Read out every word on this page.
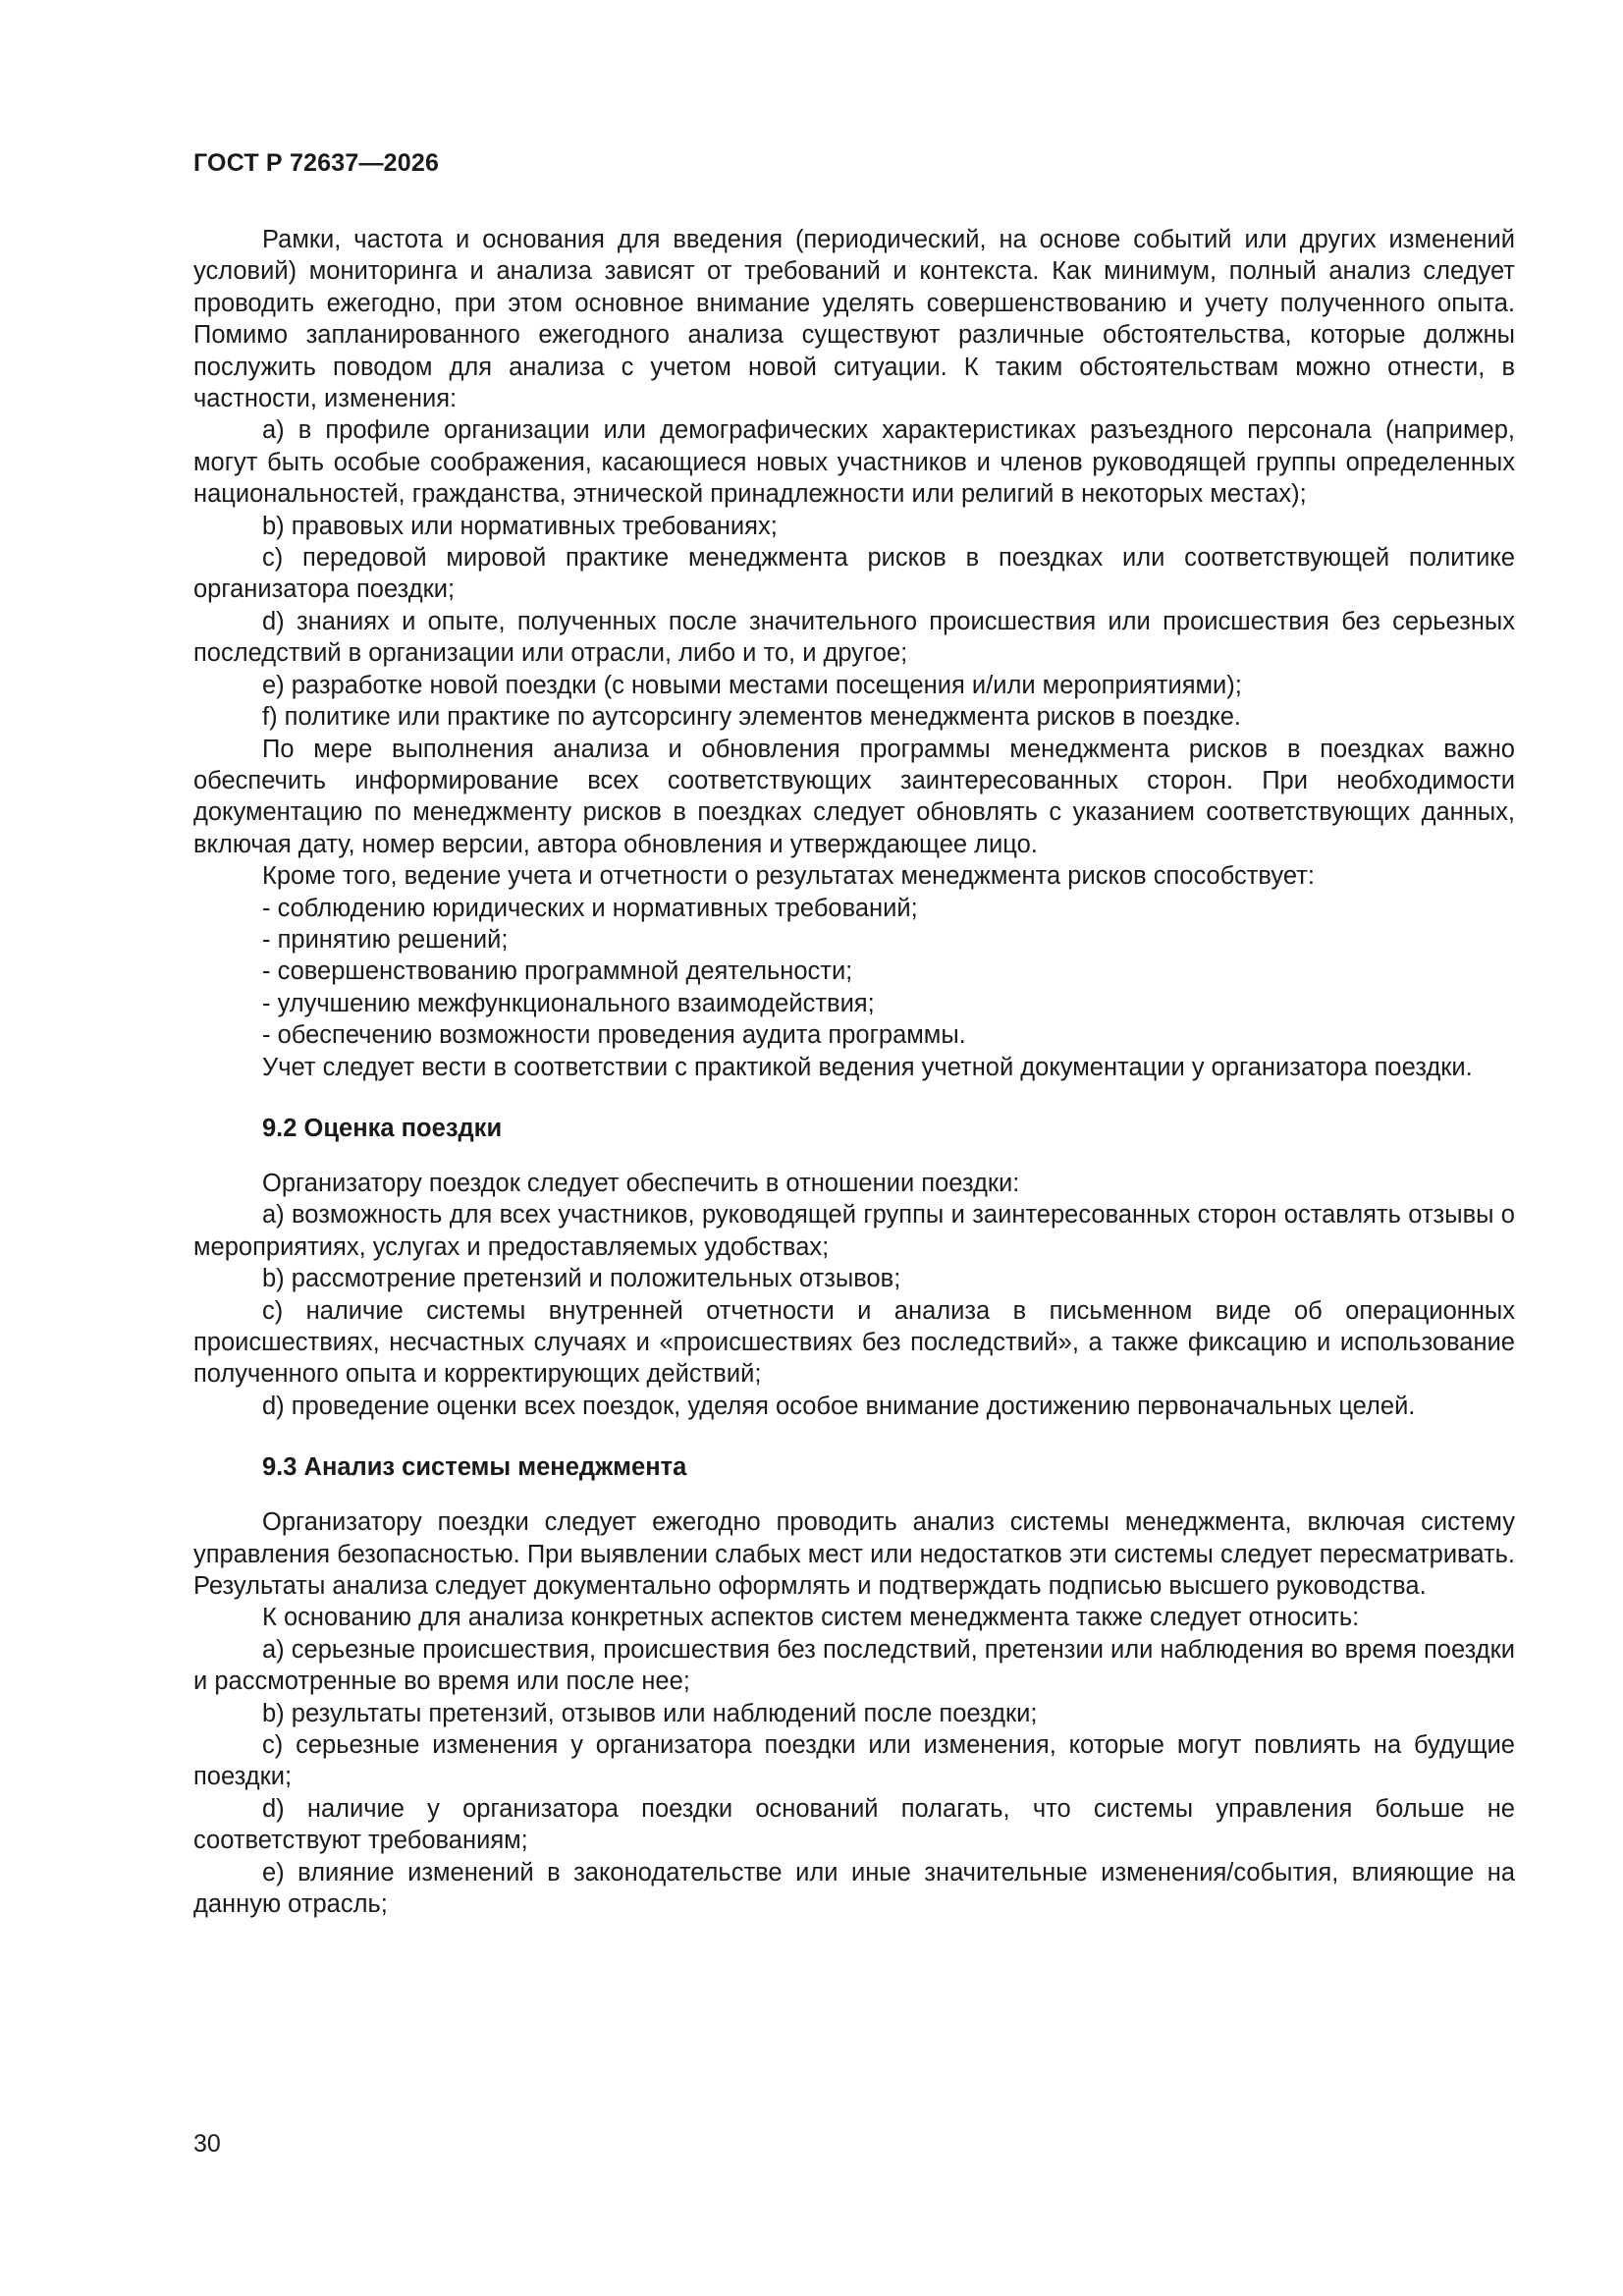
ГОСТ Р 72637—2026

Рамки, частота и основания для введения (периодический, на основе событий или других изменений условий) мониторинга и анализа зависят от требований и контекста. Как минимум, полный анализ следует проводить ежегодно, при этом основное внимание уделять совершенствованию и учету полученного опыта. Помимо запланированного ежегодного анализа существуют различные обстоятельства, которые должны послужить поводом для анализа с учетом новой ситуации. К таким обстоятельствам можно отнести, в частности, изменения:

a) в профиле организации или демографических характеристиках разъездного персонала (например, могут быть особые соображения, касающиеся новых участников и членов руководящей группы определенных национальностей, гражданства, этнической принадлежности или религий в некоторых местах);

b) правовых или нормативных требованиях;

c) передовой мировой практике менеджмента рисков в поездках или соответствующей политике организатора поездки;

d) знаниях и опыте, полученных после значительного происшествия или происшествия без серьезных последствий в организации или отрасли, либо и то, и другое;

e) разработке новой поездки (с новыми местами посещения и/или мероприятиями);

f) политике или практике по аутсорсингу элементов менеджмента рисков в поездке.

По мере выполнения анализа и обновления программы менеджмента рисков в поездках важно обеспечить информирование всех соответствующих заинтересованных сторон. При необходимости документацию по менеджменту рисков в поездках следует обновлять с указанием соответствующих данных, включая дату, номер версии, автора обновления и утверждающее лицо.

Кроме того, ведение учета и отчетности о результатах менеджмента рисков способствует:

- соблюдению юридических и нормативных требований;

- принятию решений;

- совершенствованию программной деятельности;

- улучшению межфункционального взаимодействия;

- обеспечению возможности проведения аудита программы.

Учет следует вести в соответствии с практикой ведения учетной документации у организатора поездки.

9.2 Оценка поездки

Организатору поездок следует обеспечить в отношении поездки:

a) возможность для всех участников, руководящей группы и заинтересованных сторон оставлять отзывы о мероприятиях, услугах и предоставляемых удобствах;

b) рассмотрение претензий и положительных отзывов;

c) наличие системы внутренней отчетности и анализа в письменном виде об операционных происшествиях, несчастных случаях и «происшествиях без последствий», а также фиксацию и использование полученного опыта и корректирующих действий;

d) проведение оценки всех поездок, уделяя особое внимание достижению первоначальных целей.

9.3 Анализ системы менеджмента

Организатору поездки следует ежегодно проводить анализ системы менеджмента, включая систему управления безопасностью. При выявлении слабых мест или недостатков эти системы следует пересматривать. Результаты анализа следует документально оформлять и подтверждать подписью высшего руководства.

К основанию для анализа конкретных аспектов систем менеджмента также следует относить:

a) серьезные происшествия, происшествия без последствий, претензии или наблюдения во время поездки и рассмотренные во время или после нее;

b) результаты претензий, отзывов или наблюдений после поездки;

c) серьезные изменения у организатора поездки или изменения, которые могут повлиять на будущие поездки;

d) наличие у организатора поездки оснований полагать, что системы управления больше не соответствуют требованиям;

e) влияние изменений в законодательстве или иные значительные изменения/события, влияющие на данную отрасль;

30
